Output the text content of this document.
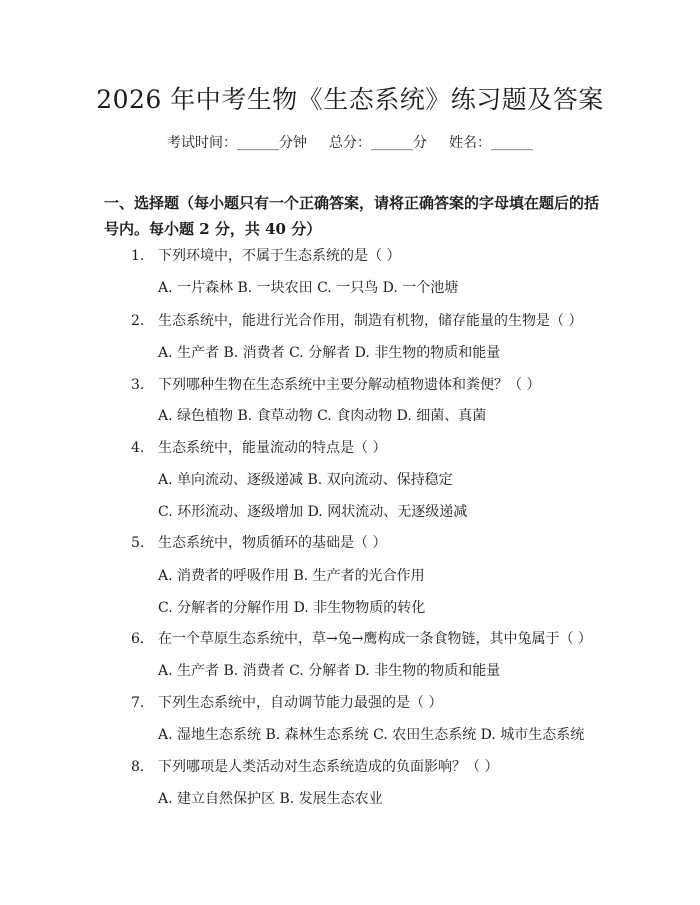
2026 年中考生物《生态系统》练习题及答案
考试时间：______分钟 总分：______分 姓名：______

一、选择题（每小题只有一个正确答案，请将正确答案的字母填在题后的括号内。每小题 2 分，共 40 分）

1. 下列环境中，不属于生态系统的是（ ）
A. 一片森林 B. 一块农田 C. 一只鸟 D. 一个池塘
2. 生态系统中，能进行光合作用，制造有机物，储存能量的生物是（ ）
A. 生产者 B. 消费者 C. 分解者 D. 非生物的物质和能量
3. 下列哪种生物在生态系统中主要分解动植物遗体和粪便？（ ）
A. 绿色植物 B. 食草动物 C. 食肉动物 D. 细菌、真菌
4. 生态系统中，能量流动的特点是（ ）
A. 单向流动、逐级递减 B. 双向流动、保持稳定
C. 环形流动、逐级增加 D. 网状流动、无逐级递减
5. 生态系统中，物质循环的基础是（ ）
A. 消费者的呼吸作用 B. 生产者的光合作用
C. 分解者的分解作用 D. 非生物物质的转化
6. 在一个草原生态系统中，草→兔→鹰构成一条食物链，其中兔属于（ ）
A. 生产者 B. 消费者 C. 分解者 D. 非生物的物质和能量
7. 下列生态系统中，自动调节能力最强的是（ ）
A. 湿地生态系统 B. 森林生态系统 C. 农田生态系统 D. 城市生态系统
8. 下列哪项是人类活动对生态系统造成的负面影响？（ ）
A. 建立自然保护区 B. 发展生态农业
